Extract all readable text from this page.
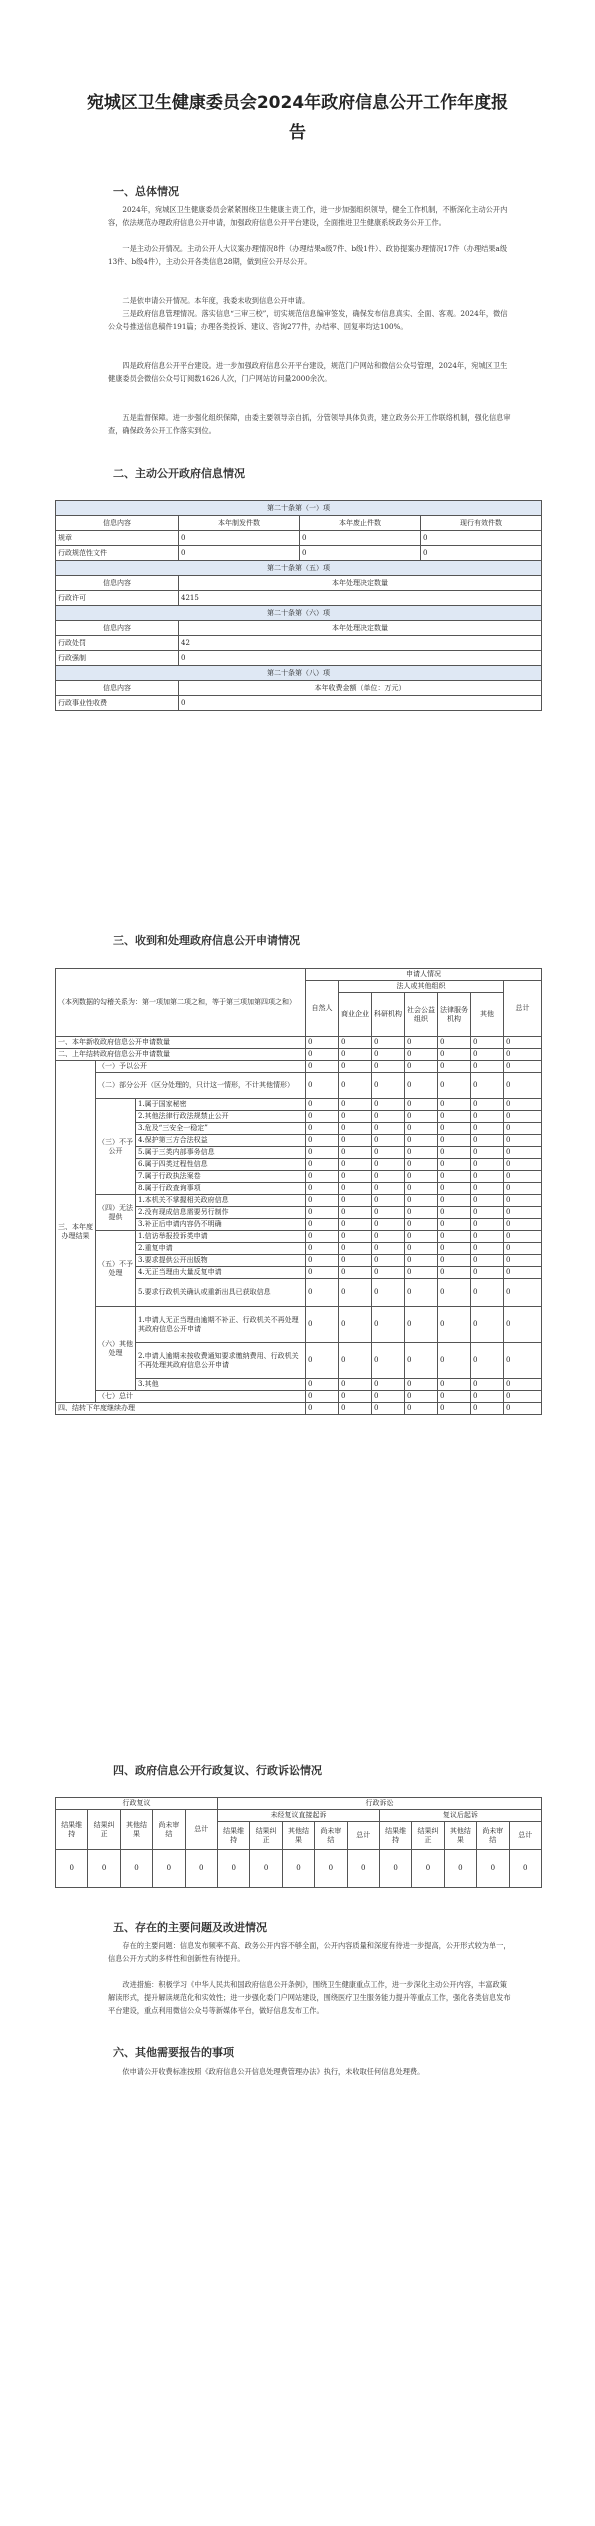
宛城区卫生健康委员会2024年政府信息公开工作年度报告
一、总体情况

2024年，宛城区卫生健康委员会紧紧围绕卫生健康主责工作，进一步加强组织领导，健全工作机制，不断深化主动公开内容，依法规范办理政府信息公开申请，加强政府信息公开平台建设，全面推进卫生健康系统政务公开工作。

一是主动公开情况。主动公开人大议案办理情况8件（办理结果a级7件、b级1件）、政协提案办理情况17件（办理结果a级13件、b级4件），主动公开各类信息28期，做到应公开尽公开。

二是依申请公开情况。本年度，我委未收到信息公开申请。

三是政府信息管理情况。落实信息“三审三校”，切实规范信息编审签发，确保发布信息真实、全面、客观。2024年，微信公众号推送信息稿件191篇；办理各类投诉、建议、咨询277件，办结率、回复率均达100%。

四是政府信息公开平台建设。进一步加强政府信息公开平台建设，规范门户网站和微信公众号管理，2024年，宛城区卫生健康委员会微信公众号订阅数1626人次，门户网站访问量2000余次。

五是监督保障。进一步强化组织保障，由委主要领导亲自抓，分管领导具体负责，建立政务公开工作联络机制，强化信息审查，确保政务公开工作落实到位。

二、主动公开政府信息情况
第二十条第（一）项			
信息内容	本年制发件数	本年废止件数	现行有效件数
规章	0	0	0
行政规范性文件	0	0	0
第二十条第（五）项			
信息内容	本年处理决定数量		
行政许可	4215		
第二十条第（六）项			
信息内容	本年处理决定数量		
行政处罚	42		
行政强制	0		
第二十条第（八）项			
信息内容	本年收费金额（单位：万元）		
行政事业性收费	0		
三、收到和处理政府信息公开申请情况
（本列数据的勾稽关系为：第一项加第二项之和，等于第三项加第四项之和）			申请人情况						
			自然人	法人或其他组织					总计
				商业企业	科研机构	社会公益组织	法律服务机构	其他	
一、本年新收政府信息公开申请数量			0	0	0	0	0	0	0
二、上年结转政府信息公开申请数量			0	0	0	0	0	0	0
三、本年度办理结果	（一）予以公开		0	0	0	0	0	0	0
	（二）部分公开（区分处理的，只计这一情形，不计其他情形）		0	0	0	0	0	0	0
	（三）不予公开	1.属于国家秘密	0	0	0	0	0	0	0
		2.其他法律行政法规禁止公开	0	0	0	0	0	0	0
		3.危及“三安全一稳定”	0	0	0	0	0	0	0
		4.保护第三方合法权益	0	0	0	0	0	0	0
		5.属于三类内部事务信息	0	0	0	0	0	0	0
		6.属于四类过程性信息	0	0	0	0	0	0	0
		7.属于行政执法案卷	0	0	0	0	0	0	0
		8.属于行政查询事项	0	0	0	0	0	0	0
	（四）无法提供	1.本机关不掌握相关政府信息	0	0	0	0	0	0	0
		2.没有现成信息需要另行制作	0	0	0	0	0	0	0
		3.补正后申请内容仍不明确	0	0	0	0	0	0	0
	（五）不予处理	1.信访举报投诉类申请	0	0	0	0	0	0	0
		2.重复申请	0	0	0	0	0	0	0
		3.要求提供公开出版物	0	0	0	0	0	0	0
		4.无正当理由大量反复申请	0	0	0	0	0	0	0
		5.要求行政机关确认或重新出具已获取信息	0	0	0	0	0	0	0
	（六）其他处理	1.申请人无正当理由逾期不补正、行政机关不再处理其政府信息公开申请	0	0	0	0	0	0	0
		2.申请人逾期未按收费通知要求缴纳费用、行政机关不再处理其政府信息公开申请	0	0	0	0	0	0	0
		3.其他	0	0	0	0	0	0	0
	（七）总计		0	0	0	0	0	0	0
四、结转下年度继续办理			0	0	0	0	0	0	0
四、政府信息公开行政复议、行政诉讼情况
行政复议					行政诉讼									
结果维持	结果纠正	其他结果	尚未审结	总计	未经复议直接起诉					复议后起诉				
					结果维持	结果纠正	其他结果	尚未审结	总计	结果维持	结果纠正	其他结果	尚未审结	总计
0	0	0	0	0	0	0	0	0	0	0	0	0	0	0
五、存在的主要问题及改进情况

存在的主要问题：信息发布频率不高、政务公开内容不够全面，公开内容质量和深度有待进一步提高，公开形式较为单一，信息公开方式的多样性和创新性有待提升。

改进措施：积极学习《中华人民共和国政府信息公开条例》，围绕卫生健康重点工作，进一步深化主动公开内容，丰富政策解读形式，提升解读规范化和实效性；进一步强化委门户网站建设，围绕医疗卫生服务能力提升等重点工作，强化各类信息发布平台建设，重点利用微信公众号等新媒体平台，做好信息发布工作。

六、其他需要报告的事项

依申请公开收费标准按照《政府信息公开信息处理费管理办法》执行，未收取任何信息处理费。
